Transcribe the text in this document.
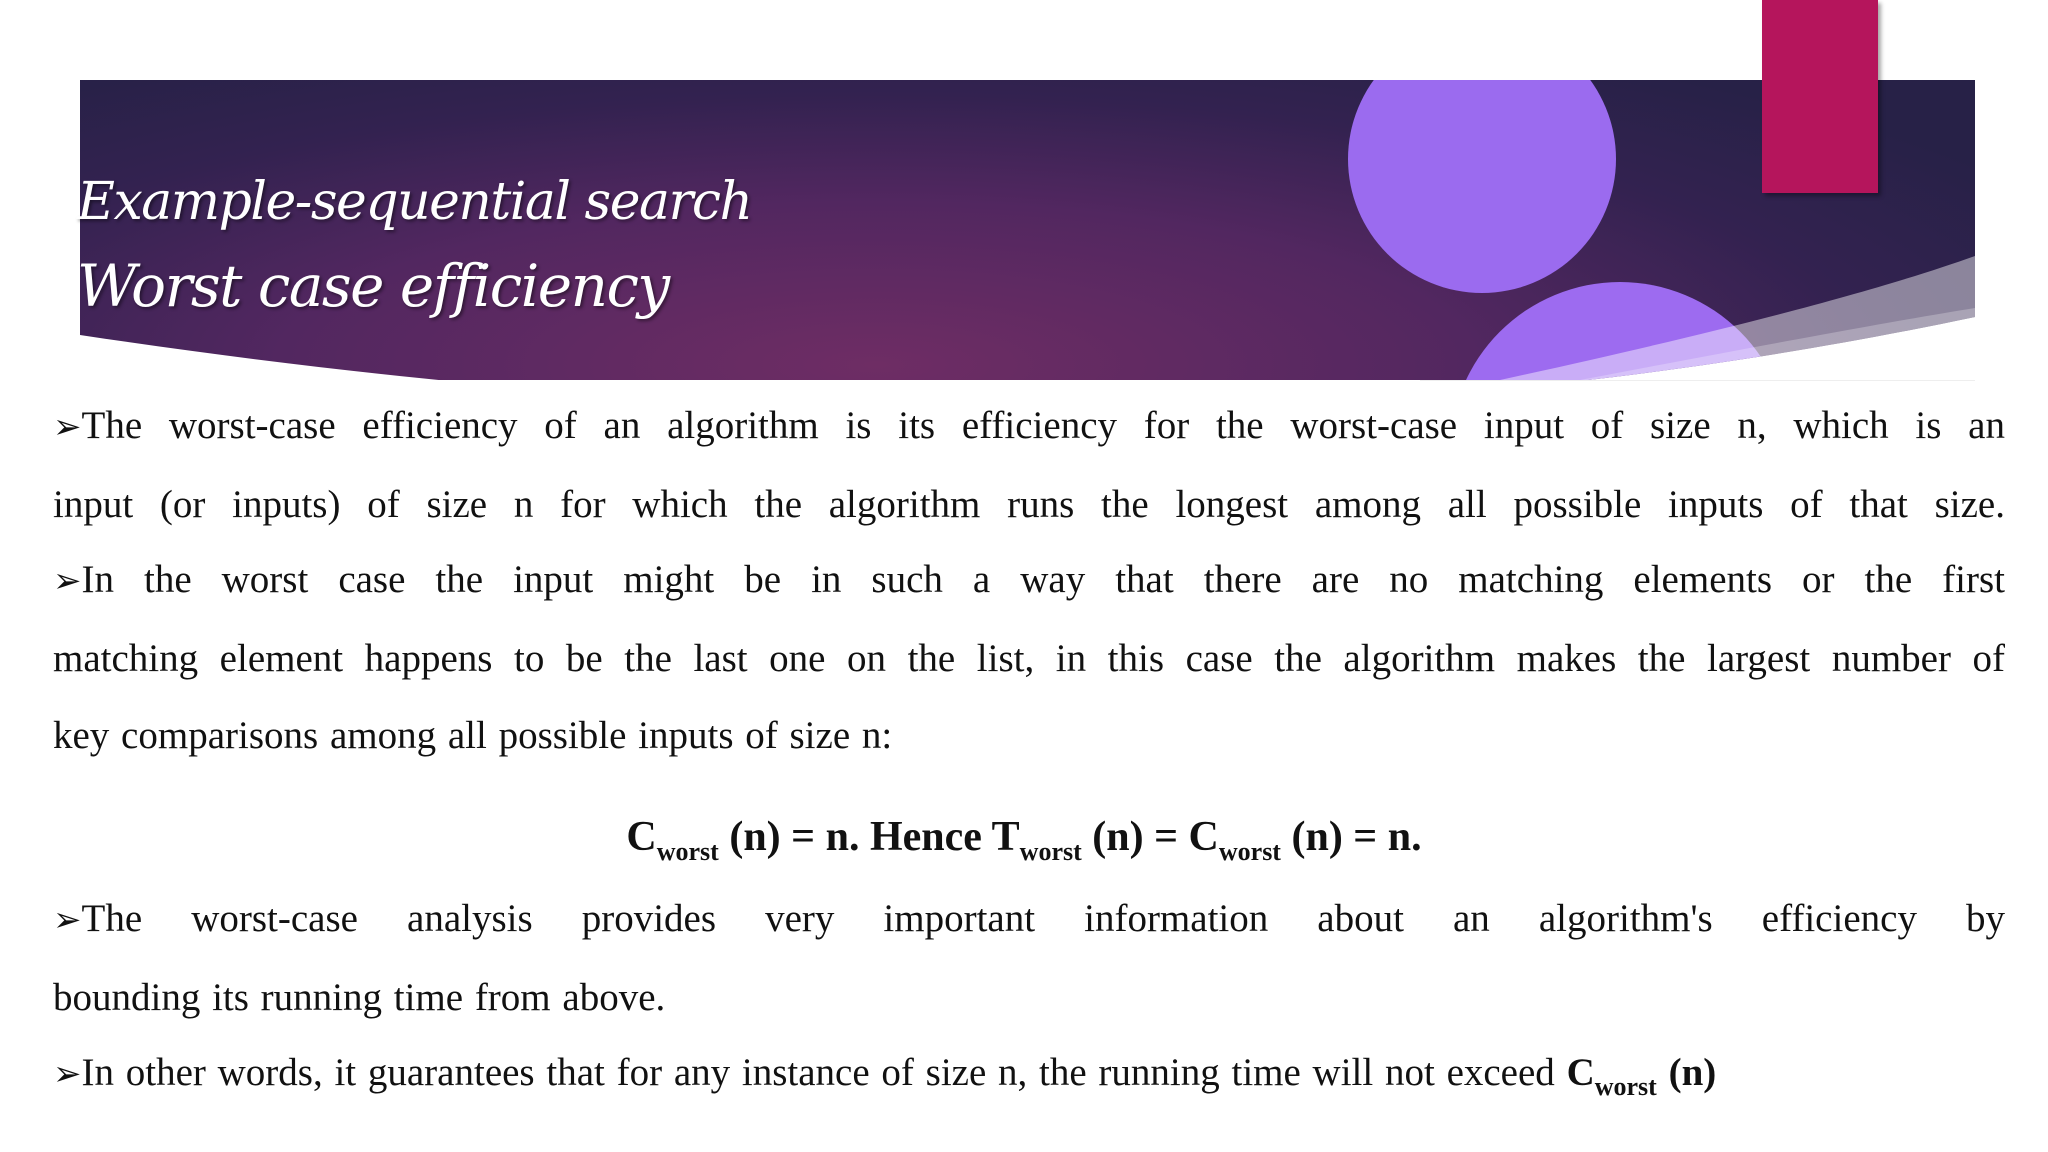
Example-sequential search
Worst case efficiency
➢The worst-case efficiency of an algorithm is its efficiency for the worst-case input of size n, which is an
input (or inputs) of size n for which the algorithm runs the longest among all possible inputs of that size.
➢In the worst case the input might be in such a way that there are no matching elements or the first
matching element happens to be the last one on the list, in this case the algorithm makes the largest number of
key comparisons among all possible inputs of size n:
$C_{worst}$ (n) = n. Hence $T_{worst}$ $(n) = C_{worst}$ (n) = n.
➢The worst-case analysis provides very important information about an algorithm's efficiency by
bounding its running time from above.
➢In other words, it guarantees that for any instance of size n, the running time will not exceed $C_{worst}$ (n)
